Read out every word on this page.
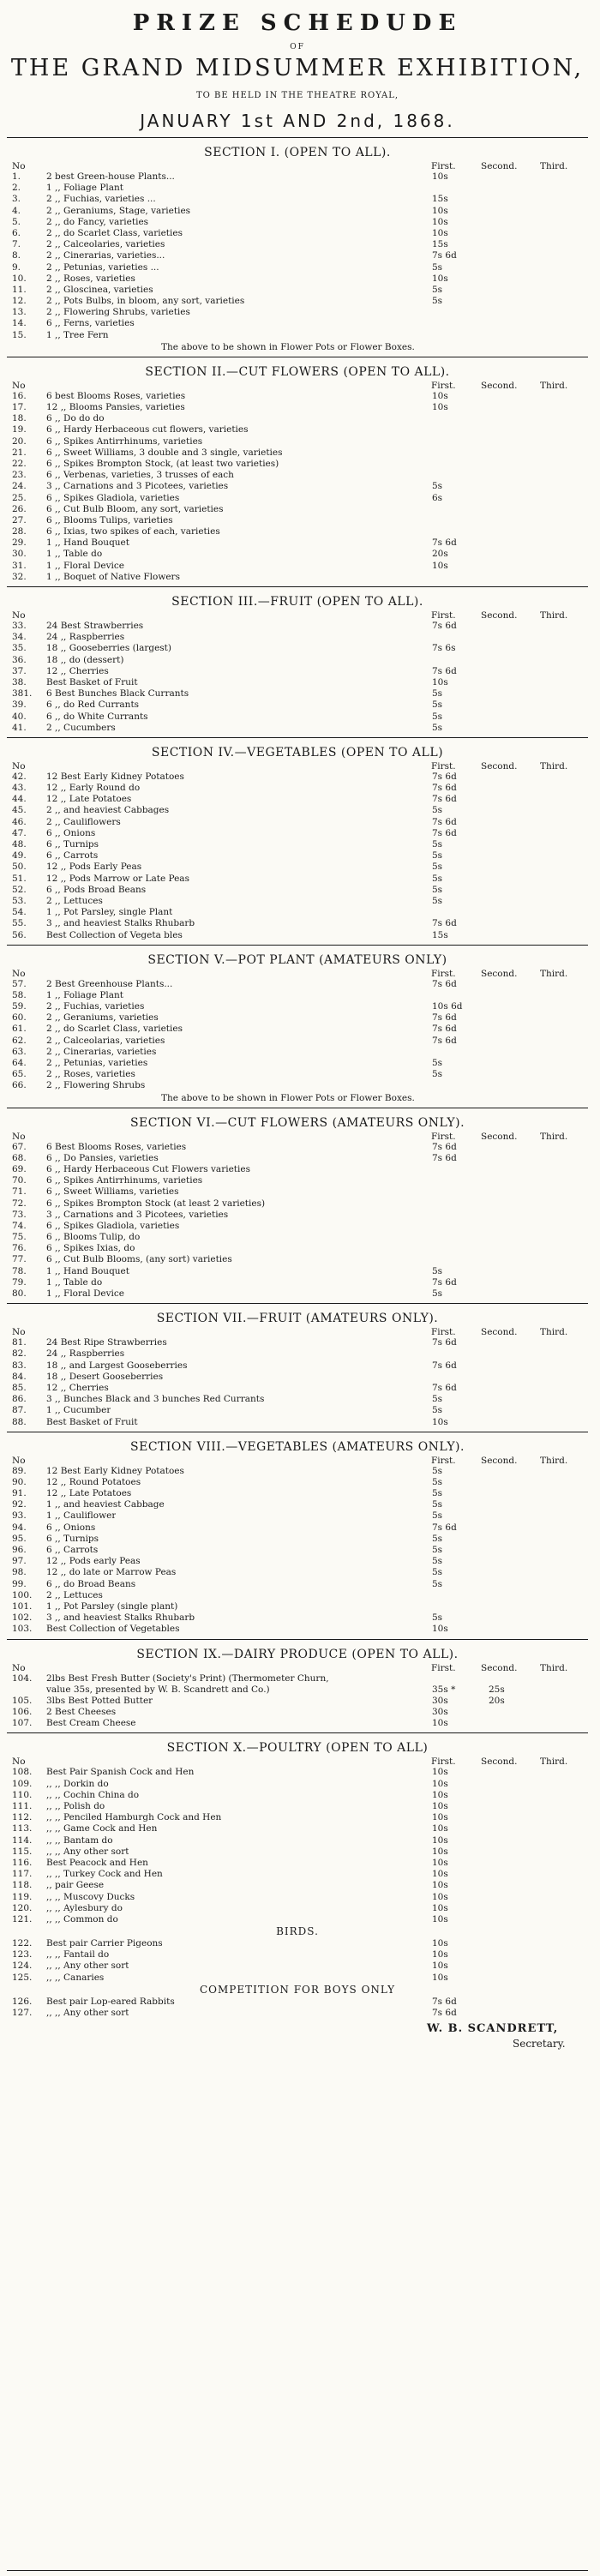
PRIZE SCHEDUDE
OF
THE GRAND MIDSUMMER EXHIBITION,
TO BE HELD IN THE THEATRE ROYAL,
JANUARY 1st AND 2nd, 1868.
SECTION I. (OPEN TO ALL).
No	First.	Second.	Third.
1.	2 best Green-house Plants...	10s
2.	1 ,, Foliage Plant
3.	2 ,, Fuchias, varieties ...	15s
4.	2 ,, Geraniums, Stage, varieties	10s
5.	2 ,, do Fancy, varieties	10s
6.	2 ,, do Scarlet Class, varieties	10s
7.	2 ,, Calceolaries, varieties	15s
8.	2 ,, Cinerarias, varieties...	7s 6d
9.	2 ,, Petunias, varieties ...	5s
10.	2 ,, Roses, varieties	10s
11.	2 ,, Gloscinea, varieties	5s
12.	2 ,, Pots Bulbs, in bloom, any sort, varieties	5s
13.	2 ,, Flowering Shrubs, varieties
14.	6 ,, Ferns, varieties
15.	1 ,, Tree Fern
The above to be shown in Flower Pots or Flower Boxes.
SECTION II.—CUT FLOWERS (OPEN TO ALL).
No	First.	Second.	Third.
16.	6 best Blooms Roses, varieties	10s
17.	12 ,, Blooms Pansies, varieties	10s
18.	6 ,, Do do do
19.	6 ,, Hardy Herbaceous cut flowers, varieties
20.	6 ,, Spikes Antirrhinums, varieties
21.	6 ,, Sweet Williams, 3 double and 3 single, varieties
22.	6 ,, Spikes Brompton Stock, (at least two varieties)
23.	6 ,, Verbenas, varieties, 3 trusses of each
24.	3 ,, Carnations and 3 Picotees, varieties	5s
25.	6 ,, Spikes Gladiola, varieties	6s
26.	6 ,, Cut Bulb Bloom, any sort, varieties
27.	6 ,, Blooms Tulips, varieties
28.	6 ,, Ixias, two spikes of each, varieties
29.	1 ,, Hand Bouquet	7s 6d
30.	1 ,, Table do	20s
31.	1 ,, Floral Device	10s
32.	1 ,, Boquet of Native Flowers
SECTION III.—FRUIT (OPEN TO ALL).
No	First.	Second.	Third.
33.	24 Best Strawberries	7s 6d
34.	24 ,, Raspberries
35.	18 ,, Gooseberries (largest)	7s 6s
36.	18 ,, do (dessert)
37.	12 ,, Cherries	7s 6d
38.	Best Basket of Fruit	10s
381.	6 Best Bunches Black Currants	5s
39.	6 ,, do Red Currants	5s
40.	6 ,, do White Currants	5s
41.	2 ,, Cucumbers	5s
SECTION IV.—VEGETABLES (OPEN TO ALL)
No	First.	Second.	Third.
42.	12 Best Early Kidney Potatoes	7s 6d
43.	12 ,, Early Round do	7s 6d
44.	12 ,, Late Potatoes	7s 6d
45.	2 ,, and heaviest Cabbages	5s
46.	2 ,, Cauliflowers	7s 6d
47.	6 ,, Onions	7s 6d
48.	6 ,, Turnips	5s
49.	6 ,, Carrots	5s
50.	12 ,, Pods Early Peas	5s
51.	12 ,, Pods Marrow or Late Peas	5s
52.	6 ,, Pods Broad Beans	5s
53.	2 ,, Lettuces	5s
54.	1 ,, Pot Parsley, single Plant
55.	3 ,, and heaviest Stalks Rhubarb	7s 6d
56.	Best Collection of Vegeta bles	15s
SECTION V.—POT PLANT (AMATEURS ONLY)
No	First.	Second.	Third.
57.	2 Best Greenhouse Plants...	7s 6d
58.	1 ,, Foliage Plant
59.	2 ,, Fuchias, varieties	10s 6d
60.	2 ,, Geraniums, varieties	7s 6d
61.	2 ,, do Scarlet Class, varieties	7s 6d
62.	2 ,, Calceolarias, varieties	7s 6d
63.	2 ,, Cinerarias, varieties
64.	2 ,, Petunias, varieties	5s
65.	2 ,, Roses, varieties	5s
66.	2 ,, Flowering Shrubs
The above to be shown in Flower Pots or Flower Boxes.
SECTION VI.—CUT FLOWERS (AMATEURS ONLY).
No	First.	Second.	Third.
67.	6 Best Blooms Roses, varieties	7s 6d
68.	6 ,, Do Pansies, varieties	7s 6d
69.	6 ,, Hardy Herbaceous Cut Flowers varieties
70.	6 ,, Spikes Antirrhinums, varieties
71.	6 ,, Sweet Williams, varieties
72.	6 ,, Spikes Brompton Stock (at least 2 varieties)
73.	3 ,, Carnations and 3 Picotees, varieties
74.	6 ,, Spikes Gladiola, varieties
75.	6 ,, Blooms Tulip, do
76.	6 ,, Spikes Ixias, do
77.	6 ,, Cut Bulb Blooms, (any sort) varieties
78.	1 ,, Hand Bouquet	5s
79.	1 ,, Table do	7s 6d
80.	1 ,, Floral Device	5s
SECTION VII.—FRUIT (AMATEURS ONLY).
No	First.	Second.	Third.
81.	24 Best Ripe Strawberries	7s 6d
82.	24 ,, Raspberries
83.	18 ,, and Largest Gooseberries	7s 6d
84.	18 ,, Desert Gooseberries
85.	12 ,, Cherries	7s 6d
86.	3 ,, Bunches Black and 3 bunches Red Currants	5s
87.	1 ,, Cucumber	5s
88.	Best Basket of Fruit	10s
SECTION VIII.—VEGETABLES (AMATEURS ONLY).
No	First.	Second.	Third.
89.	12 Best Early Kidney Potatoes	5s
90.	12 ,, Round Potatoes	5s
91.	12 ,, Late Potatoes	5s
92.	1 ,, and heaviest Cabbage	5s
93.	1 ,, Cauliflower	5s
94.	6 ,, Onions	7s 6d
95.	6 ,, Turnips	5s
96.	6 ,, Carrots	5s
97.	12 ,, Pods early Peas	5s
98.	12 ,, do late or Marrow Peas	5s
99.	6 ,, do Broad Beans	5s
100.	2 ,, Lettuces
101.	1 ,, Pot Parsley (single plant)
102.	3 ,, and heaviest Stalks Rhubarb	5s
103.	Best Collection of Vegetables	10s
SECTION IX.—DAIRY PRODUCE (OPEN TO ALL).
No	First.	Second.	Third.
104.	2lbs Best Fresh Butter (Society's Print) (Thermometer Churn,
value 35s, presented by W. B. Scandrett and Co.)	35s *	25s
105.	3lbs Best Potted Butter	30s	20s
106.	2 Best Cheeses	30s
107.	Best Cream Cheese	10s
SECTION X.—POULTRY (OPEN TO ALL)
No	First.	Second.	Third.
108.	Best Pair Spanish Cock and Hen	10s
109.	,, ,, Dorkin do	10s
110.	,, ,, Cochin China do	10s
111.	,, ,, Polish do	10s
112.	,, ,, Penciled Hamburgh Cock and Hen	10s
113.	,, ,, Game Cock and Hen	10s
114.	,, ,, Bantam do	10s
115.	,, ,, Any other sort	10s
116.	Best Peacock and Hen	10s
117.	,, ,, Turkey Cock and Hen	10s
118.	,, pair Geese	10s
119.	,, ,, Muscovy Ducks	10s
120.	,, ,, Aylesbury do	10s
121.	,, ,, Common do	10s
BIRDS.
122.	Best pair Carrier Pigeons	10s
123.	,, ,, Fantail do	10s
124.	,, ,, Any other sort	10s
125.	,, ,, Canaries	10s
COMPETITION FOR BOYS ONLY
126.	Best pair Lop-eared Rabbits	7s 6d
127.	,, ,, Any other sort	7s 6d
W. B. SCANDRETT,
Secretary.
